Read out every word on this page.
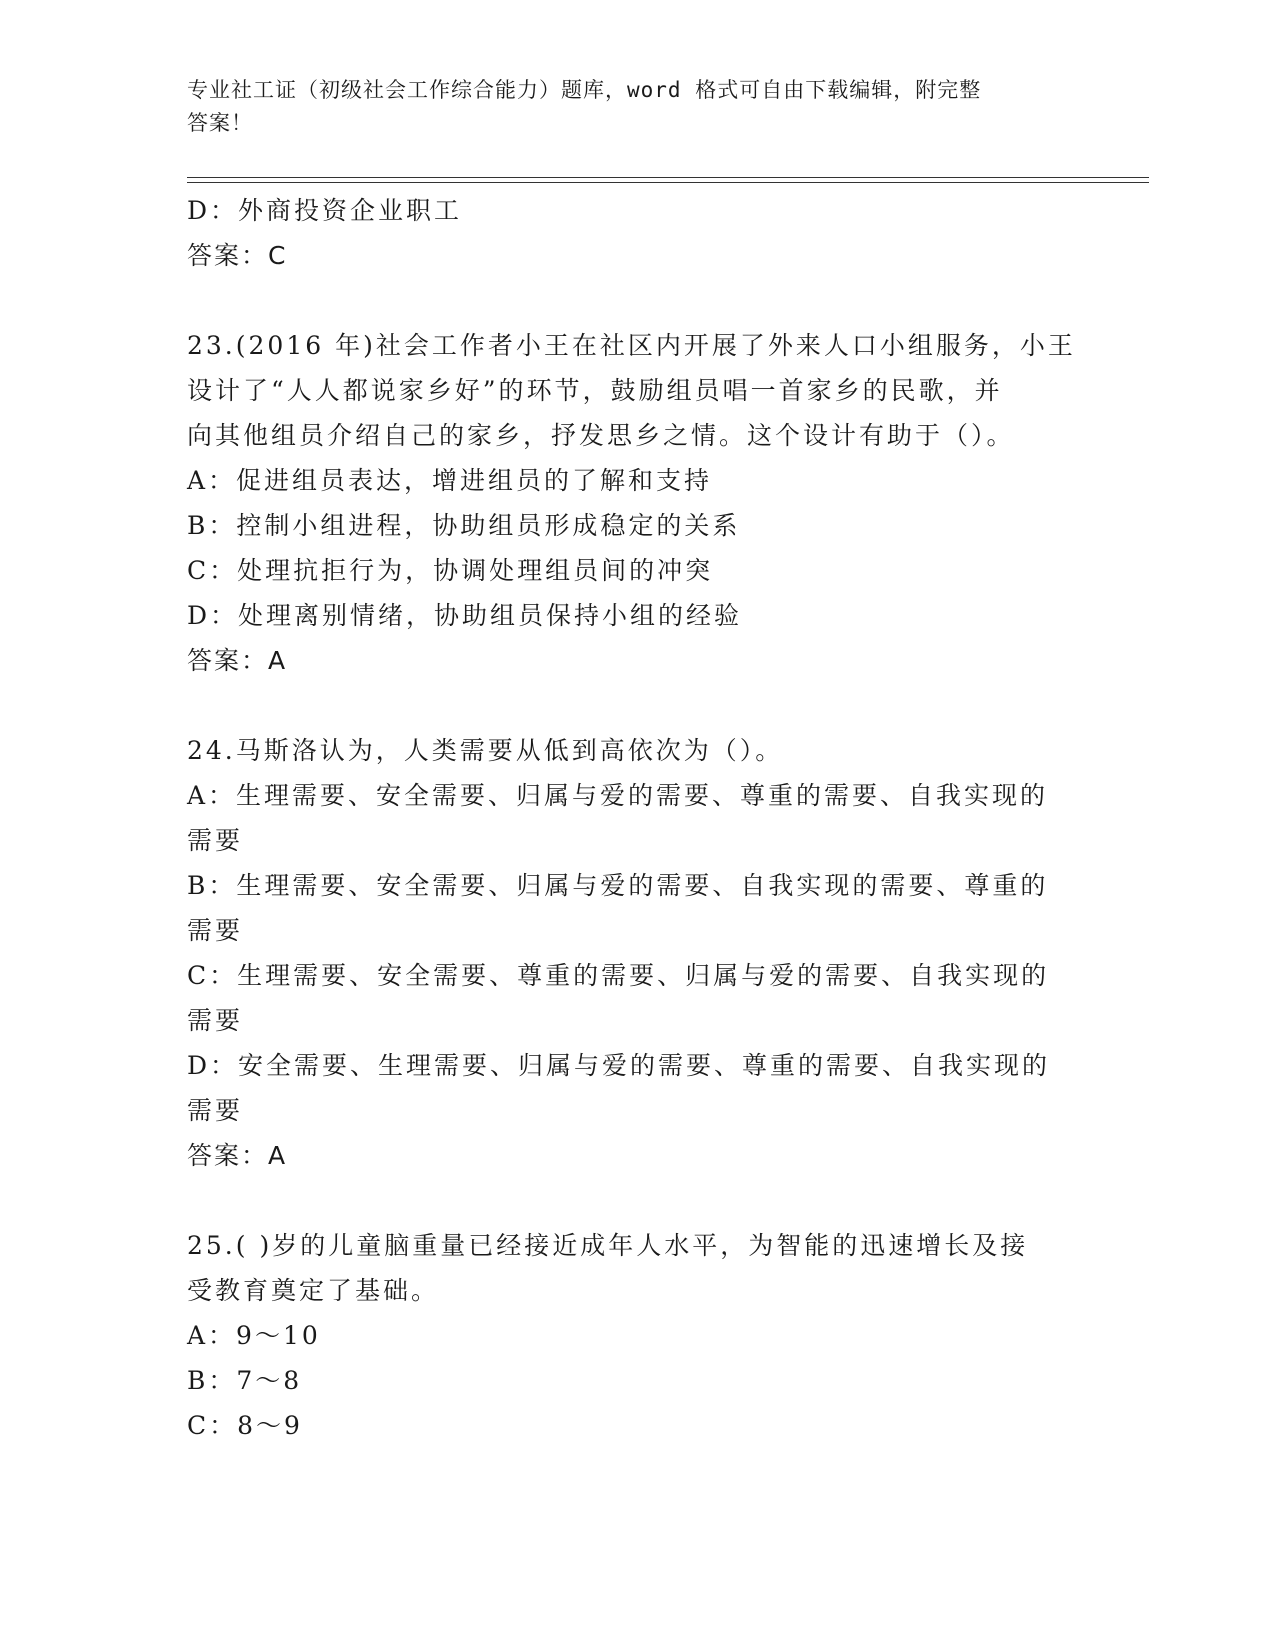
专业社工证（初级社会工作综合能力）题库，word 格式可自由下载编辑，附完整
答案！
D：外商投资企业职工
答案：C
23.(2016 年)社会工作者小王在社区内开展了外来人口小组服务，小王
设计了“人人都说家乡好”的环节，鼓励组员唱一首家乡的民歌，并
向其他组员介绍自己的家乡，抒发思乡之情。这个设计有助于（）。
A：促进组员表达，增进组员的了解和支持
B：控制小组进程，协助组员形成稳定的关系
C：处理抗拒行为，协调处理组员间的冲突
D：处理离别情绪，协助组员保持小组的经验
答案：A
24.马斯洛认为，人类需要从低到高依次为（）。
A：生理需要、安全需要、归属与爱的需要、尊重的需要、自我实现的
需要
B：生理需要、安全需要、归属与爱的需要、自我实现的需要、尊重的
需要
C：生理需要、安全需要、尊重的需要、归属与爱的需要、自我实现的
需要
D：安全需要、生理需要、归属与爱的需要、尊重的需要、自我实现的
需要
答案：A
25.( )岁的儿童脑重量已经接近成年人水平，为智能的迅速增长及接
受教育奠定了基础。
A：9～10
B：7～8
C：8～9
